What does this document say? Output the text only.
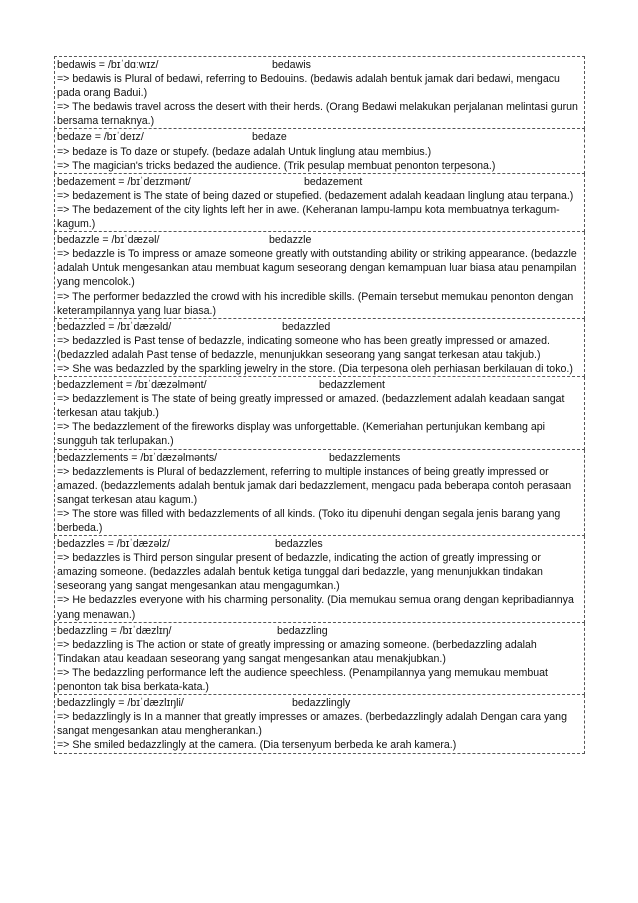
bedawis = /bɪˈdɑːwɪz/	bedawis

=> bedawis is Plural of bedawi, referring to Bedouins. (bedawis adalah bentuk jamak dari bedawi, mengacu pada orang Badui.)

=> The bedawis travel across the desert with their herds. (Orang Bedawi melakukan perjalanan melintasi gurun bersama ternaknya.)

bedaze = /bɪˈdeɪz/	bedaze

=> bedaze is To daze or stupefy. (bedaze adalah Untuk linglung atau membius.)

=> The magician's tricks bedazed the audience. (Trik pesulap membuat penonton terpesona.)

bedazement = /bɪˈdeɪzmənt/	bedazement

=> bedazement is The state of being dazed or stupefied. (bedazement adalah keadaan linglung atau terpana.)

=> The bedazement of the city lights left her in awe. (Keheranan lampu-lampu kota membuatnya terkagum-kagum.)

bedazzle = /bɪˈdæzəl/	bedazzle

=> bedazzle is To impress or amaze someone greatly with outstanding ability or striking appearance. (bedazzle adalah Untuk mengesankan atau membuat kagum seseorang dengan kemampuan luar biasa atau penampilan yang mencolok.)

=> The performer bedazzled the crowd with his incredible skills. (Pemain tersebut memukau penonton dengan keterampilannya yang luar biasa.)

bedazzled = /bɪˈdæzəld/	bedazzled

=> bedazzled is Past tense of bedazzle, indicating someone who has been greatly impressed or amazed. (bedazzled adalah Past tense of bedazzle, menunjukkan seseorang yang sangat terkesan atau takjub.)

=> She was bedazzled by the sparkling jewelry in the store. (Dia terpesona oleh perhiasan berkilauan di toko.)

bedazzlement = /bɪˈdæzəlmənt/	bedazzlement

=> bedazzlement is The state of being greatly impressed or amazed. (bedazzlement adalah keadaan sangat terkesan atau takjub.)

=> The bedazzlement of the fireworks display was unforgettable. (Kemeriahan pertunjukan kembang api sungguh tak terlupakan.)

bedazzlements = /bɪˈdæzəlmənts/	bedazzlements

=> bedazzlements is Plural of bedazzlement, referring to multiple instances of being greatly impressed or amazed. (bedazzlements adalah bentuk jamak dari bedazzlement, mengacu pada beberapa contoh perasaan sangat terkesan atau kagum.)

=> The store was filled with bedazzlements of all kinds. (Toko itu dipenuhi dengan segala jenis barang yang berbeda.)

bedazzles = /bɪˈdæzəlz/	bedazzles

=> bedazzles is Third person singular present of bedazzle, indicating the action of greatly impressing or amazing someone. (bedazzles adalah bentuk ketiga tunggal dari bedazzle, yang menunjukkan tindakan seseorang yang sangat mengesankan atau mengagumkan.)

=> He bedazzles everyone with his charming personality. (Dia memukau semua orang dengan kepribadiannya yang menawan.)

bedazzling = /bɪˈdæzlɪŋ/	bedazzling

=> bedazzling is The action or state of greatly impressing or amazing someone. (berbedazzling adalah Tindakan atau keadaan seseorang yang sangat mengesankan atau menakjubkan.)

=> The bedazzling performance left the audience speechless. (Penampilannya yang memukau membuat penonton tak bisa berkata-kata.)

bedazzlingly = /bɪˈdæzlɪŋli/	bedazzlingly

=> bedazzlingly is In a manner that greatly impresses or amazes. (berbedazzlingly adalah Dengan cara yang sangat mengesankan atau mengherankan.)

=> She smiled bedazzlingly at the camera. (Dia tersenyum berbeda ke arah kamera.)
